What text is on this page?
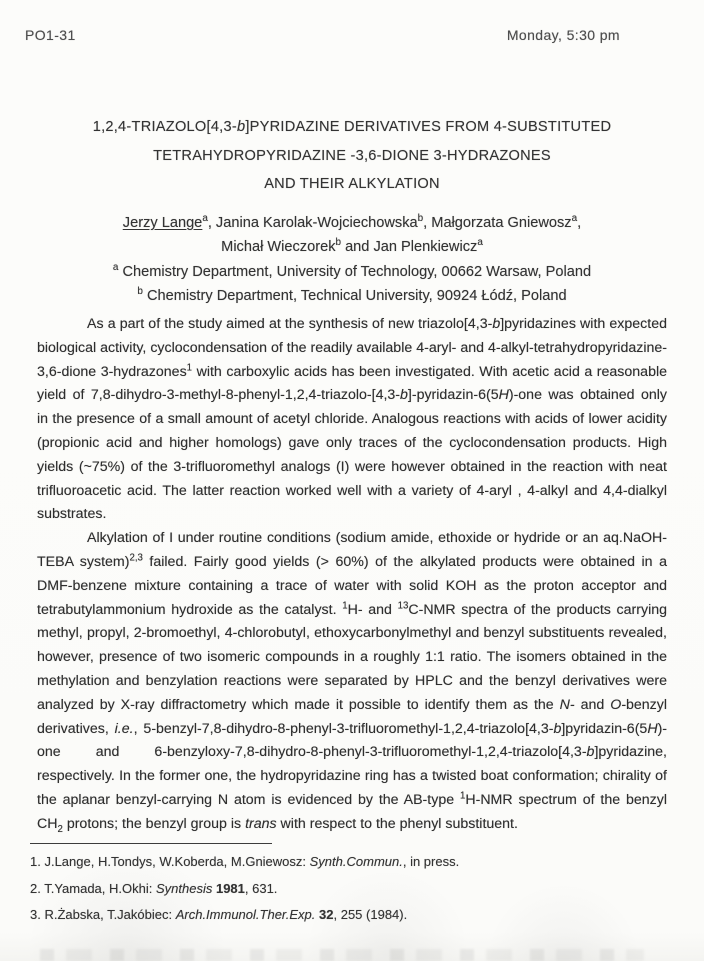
PO1-31	Monday, 5:30 pm
1,2,4-TRIAZOLO[4,3-b]PYRIDAZINE DERIVATIVES FROM 4-SUBSTITUTED
TETRAHYDROPYRIDAZINE -3,6-DIONE 3-HYDRAZONES
AND THEIR ALKYLATION
Jerzy Lange$^a$, Janina Karolak-Wojciechowska$^b$, Małgorzata Gniewosz$^a$,
Michał Wieczorek$^b$ and Jan Plenkiewicz$^a$
$^a$ Chemistry Department, University of Technology, 00662 Warsaw, Poland
$^b$ Chemistry Department, Technical University, 90924 Łódź, Poland

As a part of the study aimed at the synthesis of new triazolo[4,3-b]pyridazines with expected biological activity, cyclocondensation of the readily available 4-aryl- and 4-alkyl-tetrahydropyridazine-3,6-dione 3-hydrazones$^1$ with carboxylic acids has been investigated. With acetic acid a reasonable yield of 7,8-dihydro-3-methyl-8-phenyl-1,2,4-triazolo-[4,3-b]-pyridazin-6(5H)-one was obtained only in the presence of a small amount of acetyl chloride. Analogous reactions with acids of lower acidity (propionic acid and higher homologs) gave only traces of the cyclocondensation products. High yields (~75%) of the 3-trifluoromethyl analogs (I) were however obtained in the reaction with neat trifluoroacetic acid. The latter reaction worked well with a variety of 4-aryl , 4-alkyl and 4,4-dialkyl substrates.

Alkylation of I under routine conditions (sodium amide, ethoxide or hydride or an aq.NaOH-TEBA system)$^{2,3}$ failed. Fairly good yields (> 60%) of the alkylated products were obtained in a DMF-benzene mixture containing a trace of water with solid KOH as the proton acceptor and tetrabutylammonium hydroxide as the catalyst. $^1$H- and $^{13}$C-NMR spectra of the products carrying methyl, propyl, 2-bromoethyl, 4-chlorobutyl, ethoxycarbonylmethyl and benzyl substituents revealed, however, presence of two isomeric compounds in a roughly 1:1 ratio. The isomers obtained in the methylation and benzylation reactions were separated by HPLC and the benzyl derivatives were analyzed by X-ray diffractometry which made it possible to identify them as the N- and O-benzyl derivatives, i.e., 5-benzyl-7,8-dihydro-8-phenyl-3-trifluoromethyl-1,2,4-triazolo[4,3-b]pyridazin-6(5H)-one and 6-benzyloxy-7,8-dihydro-8-phenyl-3-trifluoromethyl-1,2,4-triazolo[4,3-b]pyridazine, respectively. In the former one, the hydropyridazine ring has a twisted boat conformation; chirality of the aplanar benzyl-carrying N atom is evidenced by the AB-type $^1$H-NMR spectrum of the benzyl $CH_2$ protons; the benzyl group is trans with respect to the phenyl substituent.

1. J.Lange, H.Tondys, W.Koberda, M.Gniewosz: Synth.Commun., in press.
2. T.Yamada, H.Okhi: Synthesis 1981, 631.
3. R.Żabska, T.Jakóbiec: Arch.Immunol.Ther.Exp. 32, 255 (1984).
